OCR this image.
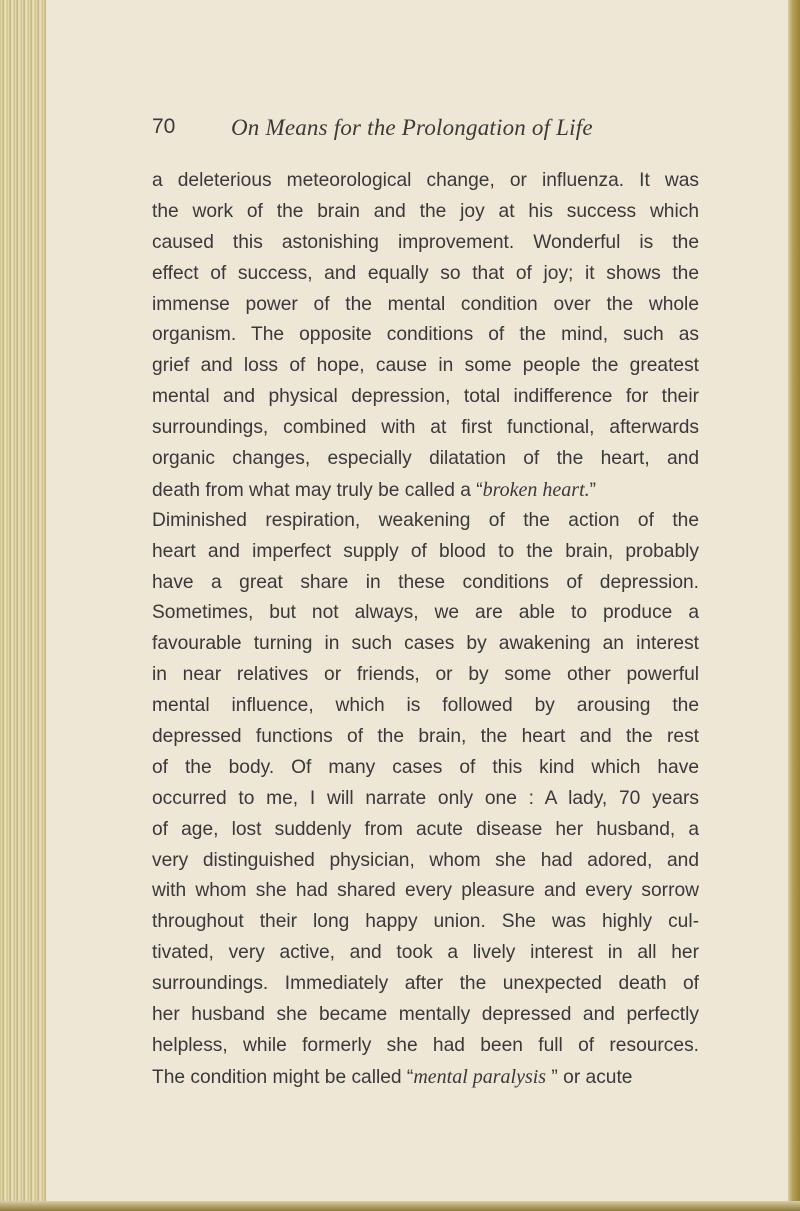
70 On Means for the Prolongation of Life
a deleterious meteorological change, or influenza. It was
the work of the brain and the joy at his success which
caused this astonishing improvement. Wonderful is the
effect of success, and equally so that of joy; it shows the
immense power of the mental condition over the whole
organism. The opposite conditions of the mind, such as
grief and loss of hope, cause in some people the greatest
mental and physical depression, total indifference for their
surroundings, combined with at first functional, afterwards
organic changes, especially dilatation of the heart, and
death from what may truly be called a “broken heart.”
Diminished respiration, weakening of the action of the
heart and imperfect supply of blood to the brain, probably
have a great share in these conditions of depression.
Sometimes, but not always, we are able to produce a
favourable turning in such cases by awakening an interest
in near relatives or friends, or by some other powerful
mental influence, which is followed by arousing the
depressed functions of the brain, the heart and the rest
of the body. Of many cases of this kind which have
occurred to me, I will narrate only one : A lady, 70 years
of age, lost suddenly from acute disease her husband, a
very distinguished physician, whom she had adored, and
with whom she had shared every pleasure and every sorrow
throughout their long happy union. She was highly cul-
tivated, very active, and took a lively interest in all her
surroundings. Immediately after the unexpected death of
her husband she became mentally depressed and perfectly
helpless, while formerly she had been full of resources.
The condition might be called “mental paralysis ” or acute
